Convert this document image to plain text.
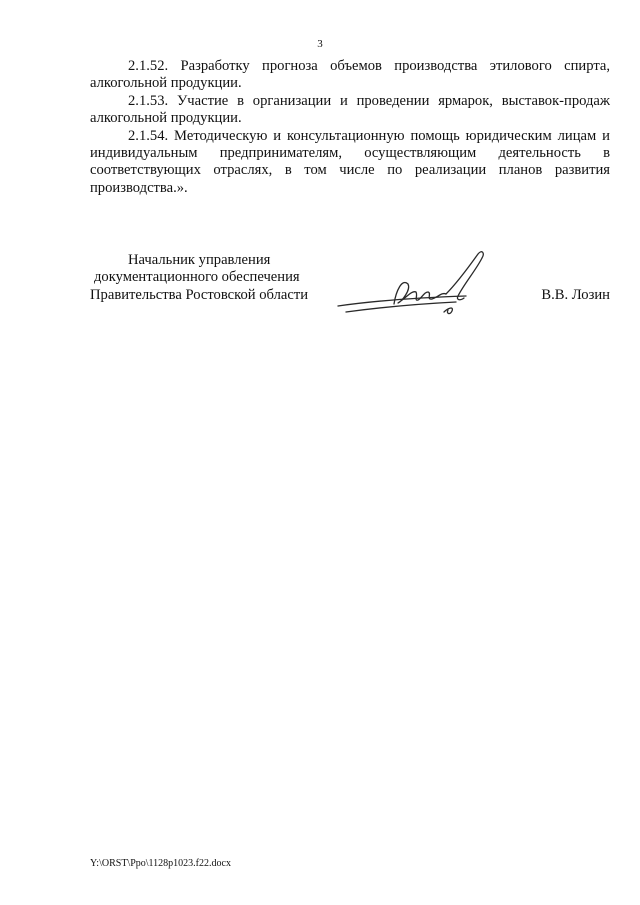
3

2.1.52. Разработку прогноза объемов производства этилового спирта, алкогольной продукции.

2.1.53. Участие в организации и проведении ярмарок, выставок-продаж алкогольной продукции.

2.1.54. Методическую и консультационную помощь юридическим лицам и индивидуальным предпринимателям, осуществляющим деятельность в соответствующих отраслях, в том числе по реализации планов развития производства.».

Начальник управления
документационного обеспечения
Правительства Ростовской области	В.В. Лозин
Y:\ORST\Ppo\1128p1023.f22.docx
